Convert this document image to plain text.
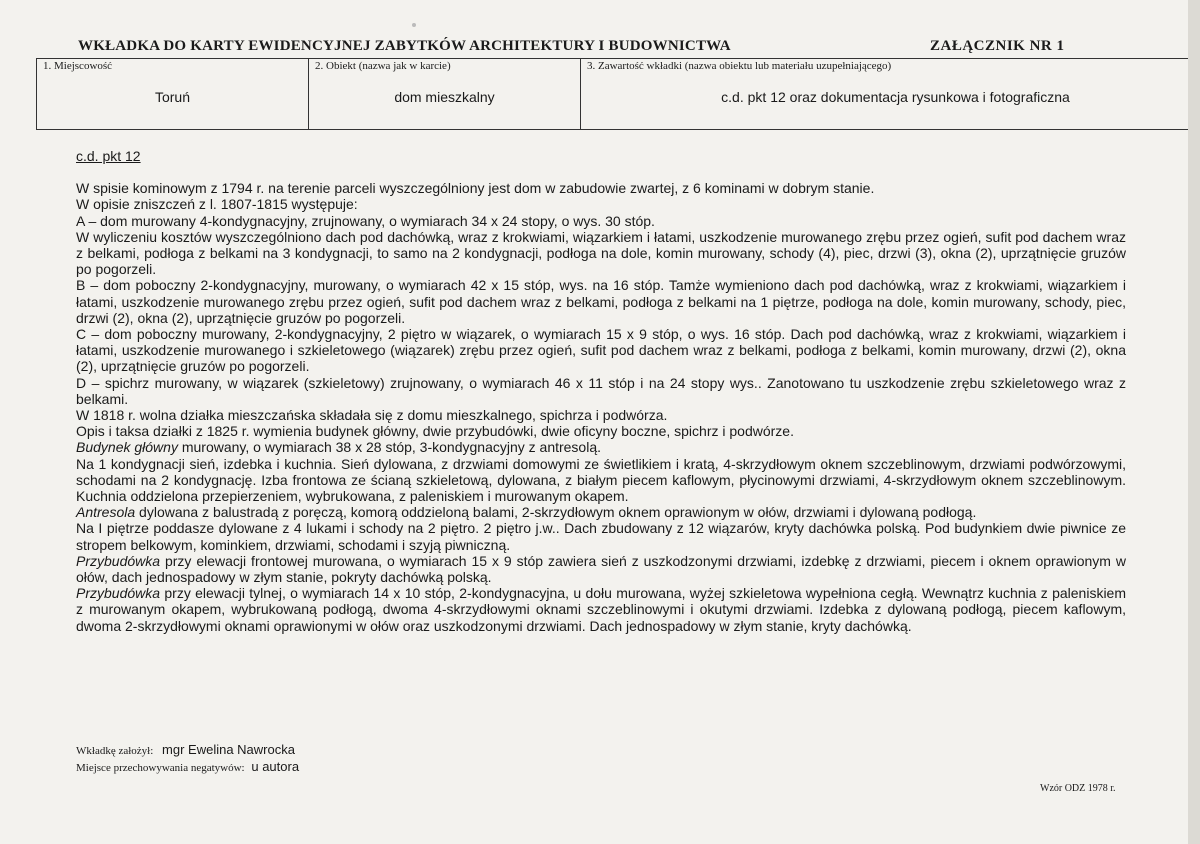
WKŁADKA DO KARTY EWIDENCYJNEJ ZABYTKÓW ARCHITEKTURY I BUDOWNICTWA	ZAŁĄCZNIK NR 1
1. Miejscowość
Toruń
2. Obiekt (nazwa jak w karcie)
dom mieszkalny
3. Zawartość wkładki (nazwa obiektu lub materiału uzupełniającego)
c.d. pkt 12 oraz dokumentacja rysunkowa i fotograficzna

c.d. pkt 12

W spisie kominowym z 1794 r. na terenie parceli wyszczególniony jest dom w zabudowie zwartej, z 6 kominami w dobrym stanie.

W opisie zniszczeń z l. 1807-1815 występuje:

A – dom murowany 4-kondygnacyjny, zrujnowany, o wymiarach 34 x 24 stopy, o wys. 30 stóp.

W wyliczeniu kosztów wyszczególniono dach pod dachówką, wraz z krokwiami, wiązarkiem i łatami, uszkodzenie murowanego zrębu przez ogień, sufit pod dachem wraz z belkami, podłoga z belkami na 3 kondygnacji, to samo na 2 kondygnacji, podłoga na dole, komin murowany, schody (4), piec, drzwi (3), okna (2), uprzątnięcie gruzów po pogorzeli.

B – dom poboczny 2-kondygnacyjny, murowany, o wymiarach 42 x 15 stóp, wys. na 16 stóp. Tamże wymieniono dach pod dachówką, wraz z krokwiami, wiązarkiem i łatami, uszkodzenie murowanego zrębu przez ogień, sufit pod dachem wraz z belkami, podłoga z belkami na 1 piętrze, podłoga na dole, komin murowany, schody, piec, drzwi (2), okna (2), uprzątnięcie gruzów po pogorzeli.

C – dom poboczny murowany, 2-kondygnacyjny, 2 piętro w wiązarek, o wymiarach 15 x 9 stóp, o wys. 16 stóp. Dach pod dachówką, wraz z krokwiami, wiązarkiem i łatami, uszkodzenie murowanego i szkieletowego (wiązarek) zrębu przez ogień, sufit pod dachem wraz z belkami, podłoga z belkami, komin murowany, drzwi (2), okna (2), uprzątnięcie gruzów po pogorzeli.

D – spichrz murowany, w wiązarek (szkieletowy) zrujnowany, o wymiarach 46 x 11 stóp i na 24 stopy wys.. Zanotowano tu uszkodzenie zrębu szkieletowego wraz z belkami.

W 1818 r. wolna działka mieszczańska składała się z domu mieszkalnego, spichrza i podwórza.

Opis i taksa działki z 1825 r. wymienia budynek główny, dwie przybudówki, dwie oficyny boczne, spichrz i podwórze.

Budynek główny murowany, o wymiarach 38 x 28 stóp, 3-kondygnacyjny z antresolą.

Na 1 kondygnacji sień, izdebka i kuchnia. Sień dylowana, z drzwiami domowymi ze świetlikiem i kratą, 4-skrzydłowym oknem szczeblinowym, drzwiami podwórzowymi, schodami na 2 kondygnację. Izba frontowa ze ścianą szkieletową, dylowana, z białym piecem kaflowym, płycinowymi drzwiami, 4-skrzydłowym oknem szczeblinowym. Kuchnia oddzielona przepierzeniem, wybrukowana, z paleniskiem i murowanym okapem.

Antresola dylowana z balustradą z poręczą, komorą oddzieloną balami, 2-skrzydłowym oknem oprawionym w ołów, drzwiami i dylowaną podłogą.

Na I piętrze poddasze dylowane z 4 lukami i schody na 2 piętro. 2 piętro j.w.. Dach zbudowany z 12 wiązarów, kryty dachówka polską. Pod budynkiem dwie piwnice ze stropem belkowym, kominkiem, drzwiami, schodami i szyją piwniczną.

Przybudówka przy elewacji frontowej murowana, o wymiarach 15 x 9 stóp zawiera sień z uszkodzonymi drzwiami, izdebkę z drzwiami, piecem i oknem oprawionym w ołów, dach jednospadowy w złym stanie, pokryty dachówką polską.

Przybudówka przy elewacji tylnej, o wymiarach 14 x 10 stóp, 2-kondygnacyjna, u dołu murowana, wyżej szkieletowa wypełniona cegłą. Wewnątrz kuchnia z paleniskiem z murowanym okapem, wybrukowaną podłogą, dwoma 4-skrzydłowymi oknami szczeblinowymi i okutymi drzwiami. Izdebka z dylowaną podłogą, piecem kaflowym, dwoma 2-skrzydłowymi oknami oprawionymi w ołów oraz uszkodzonymi drzwiami. Dach jednospadowy w złym stanie, kryty dachówką.

Wkładkę założył: mgr Ewelina Nawrocka
Miejsce przechowywania negatywów: u autora
Wzór ODZ 1978 r.
